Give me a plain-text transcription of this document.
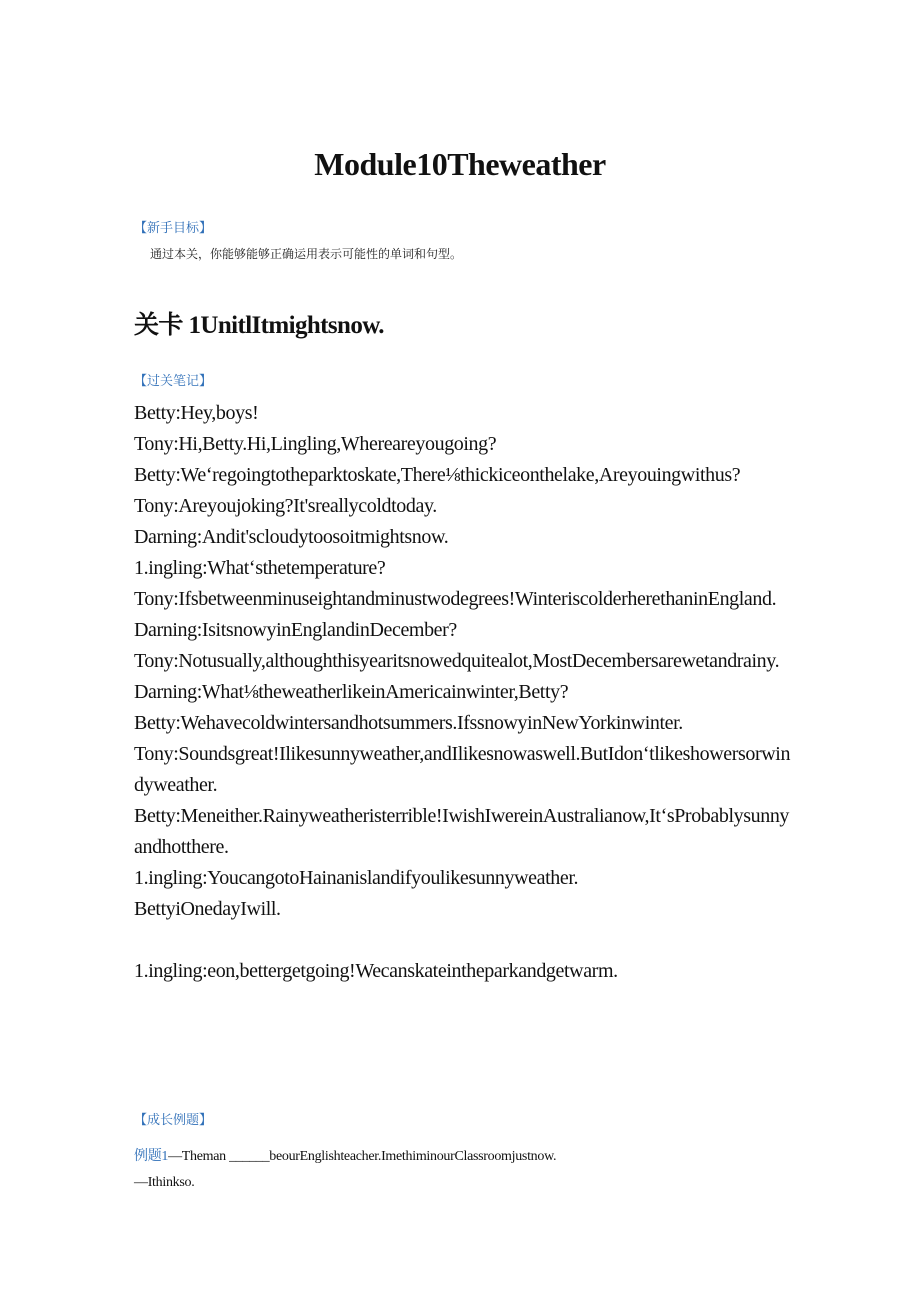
Module10Theweather
【新手目标】
通过本关，你能够能够正确运用表示可能性的单词和句型。
关卡 1UnitlItmightsnow.
【过关笔记】
Betty:Hey,boys!
Tony:Hi,Betty.Hi,Lingling,Whereareyougoing?
Betty:We‘regoingtotheparktoskate,There⅛thickiceonthelake,Areyouingwithus?
Tony:Areyoujoking?It'sreallycoldtoday.
Darning:Andit'scloudytoosoitmightsnow.
1.ingling:What‘sthetemperature?
Tony:Ifsbetweenminuseightandminustwodegrees!WinteriscolderherethaninEngland.
Darning:IsitsnowyinEnglandinDecember?
Tony:Notusually,althoughthisyearitsnowedquitealot,MostDecembersarewetandrainy.
Darning:What⅛theweatherlikeinAmericainwinter,Betty?
Betty:Wehavecoldwintersandhotsummers.IfssnowyinNewYorkinwinter.
Tony:Soundsgreat!Ilikesunnyweather,andIlikesnowaswell.ButIdon‘tlikeshowersorwindyweather.
Betty:Meneither.Rainyweatheristerrible!IwishIwereinAustralianow,It‘sProbablysunnyandhotthere.
1.ingling:YoucangotoHainanislandifyoulikesunnyweather.
BettyiOnedayIwill.
1.ingling:eon,bettergetgoing!Wecanskateintheparkandgetwarm.
【成长例题】
例题1—Theman ______beourEnglishteacher.ImethiminourClassroomjustnow.
—Ithinkso.
